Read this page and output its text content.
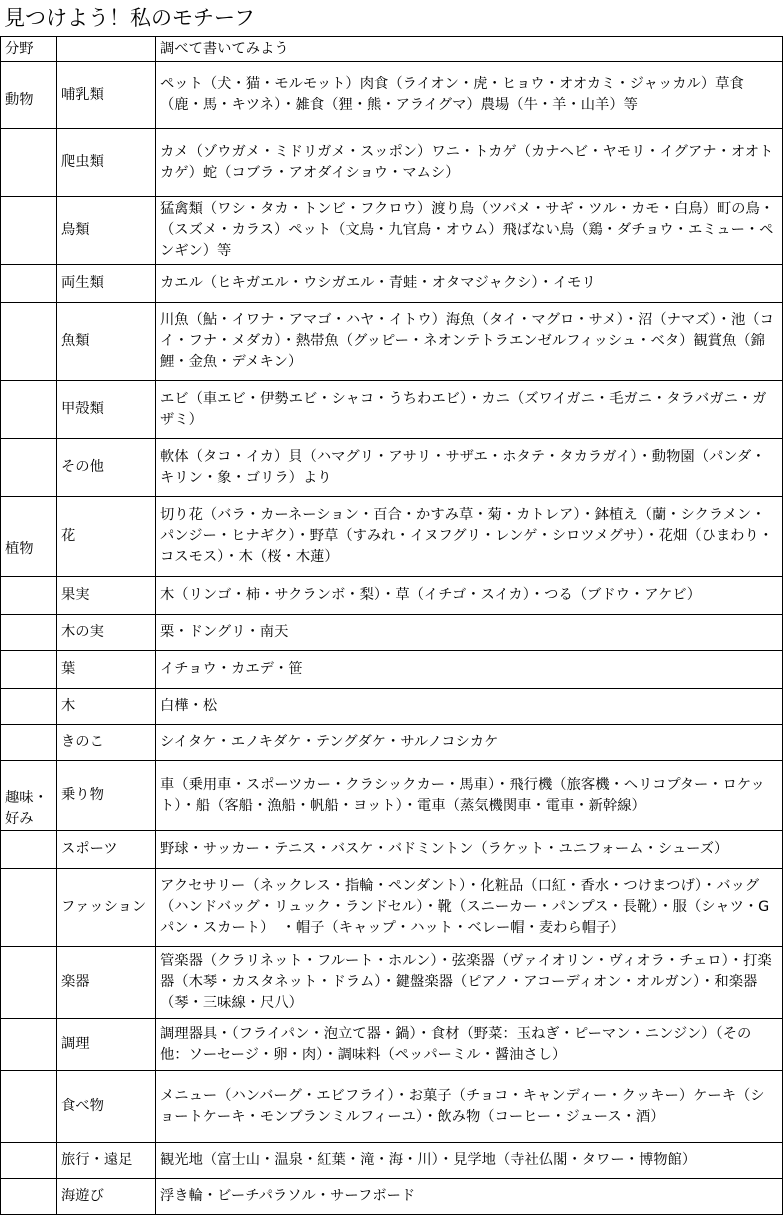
見つけよう！私のモチーフ
分野		調べて書いてみよう

動物	哺乳類	ペット（犬・猫・モルモット）肉食（ライオン・虎・ヒョウ・オオカミ・ジャッカル）草食（鹿・馬・キツネ）・雑食（狸・熊・アライグマ）農場（牛・羊・山羊）等
	爬虫類	カメ（ゾウガメ・ミドリガメ・スッポン）ワニ・トカゲ（カナヘビ・ヤモリ・イグアナ・オオトカゲ）蛇（コブラ・アオダイショウ・マムシ）
	鳥類	猛禽類（ワシ・タカ・トンビ・フクロウ）渡り鳥（ツバメ・サギ・ツル・カモ・白鳥）町の鳥・（スズメ・カラス）ペット（文鳥・九官鳥・オウム）飛ばない鳥（鶏・ダチョウ・エミュー・ペンギン）等
	両生類	カエル（ヒキガエル・ウシガエル・青蛙・オタマジャクシ）・イモリ
	魚類	川魚（鮎・イワナ・アマゴ・ハヤ・イトウ）海魚（タイ・マグロ・サメ）・沼（ナマズ）・池（コイ・フナ・メダカ）・熱帯魚（グッピー・ネオンテトラエンゼルフィッシュ・ベタ）観賞魚（錦鯉・金魚・デメキン）
	甲殻類	エビ（車エビ・伊勢エビ・シャコ・うちわエビ）・カニ（ズワイガニ・毛ガニ・タラバガニ・ガザミ）
	その他	軟体（タコ・イカ）貝（ハマグリ・アサリ・サザエ・ホタテ・タカラガイ）・動物園（パンダ・キリン・象・ゴリラ）より

植物	花	切り花（バラ・カーネーション・百合・かすみ草・菊・カトレア）・鉢植え（蘭・シクラメン・パンジー・ヒナギク）・野草（すみれ・イヌフグリ・レンゲ・シロツメグサ）・花畑（ひまわり・コスモス）・木（桜・木蓮）
	果実	木（リンゴ・柿・サクランボ・梨）・草（イチゴ・スイカ）・つる（ブドウ・アケビ）
	木の実	栗・ドングリ・南天
	葉	イチョウ・カエデ・笹
	木	白樺・松
	きのこ	シイタケ・エノキダケ・テングダケ・サルノコシカケ

趣味・好み	乗り物	車（乗用車・スポーツカー・クラシックカー・馬車）・飛行機（旅客機・ヘリコプター・ロケット）・船（客船・漁船・帆船・ヨット）・電車（蒸気機関車・電車・新幹線）
	スポーツ	野球・サッカー・テニス・バスケ・バドミントン（ラケット・ユニフォーム・シューズ）
	ファッション	アクセサリー（ネックレス・指輪・ペンダント）・化粧品（口紅・香水・つけまつげ）・バッグ（ハンドバッグ・リュック・ランドセル）・靴（スニーカー・パンプス・長靴）・服（シャツ・Gパン・スカート）　・帽子（キャップ・ハット・ベレー帽・麦わら帽子）
	楽器	管楽器（クラリネット・フルート・ホルン）・弦楽器（ヴァイオリン・ヴィオラ・チェロ）・打楽器（木琴・カスタネット・ドラム）・鍵盤楽器（ピアノ・アコーディオン・オルガン）・和楽器（琴・三味線・尺八）
	調理	調理器具・（フライパン・泡立て器・鍋）・食材（野菜：玉ねぎ・ピーマン・ニンジン）（その他：ソーセージ・卵・肉）・調味料（ペッパーミル・醤油さし）
	食べ物	メニュー（ハンバーグ・エビフライ）・お菓子（チョコ・キャンディー・クッキー）ケーキ（ショートケーキ・モンブランミルフィーユ）・飲み物（コーヒー・ジュース・酒）
	旅行・遠足	観光地（富士山・温泉・紅葉・滝・海・川）・見学地（寺社仏閣・タワー・博物館）
	海遊び	浮き輪・ビーチパラソル・サーフボード
